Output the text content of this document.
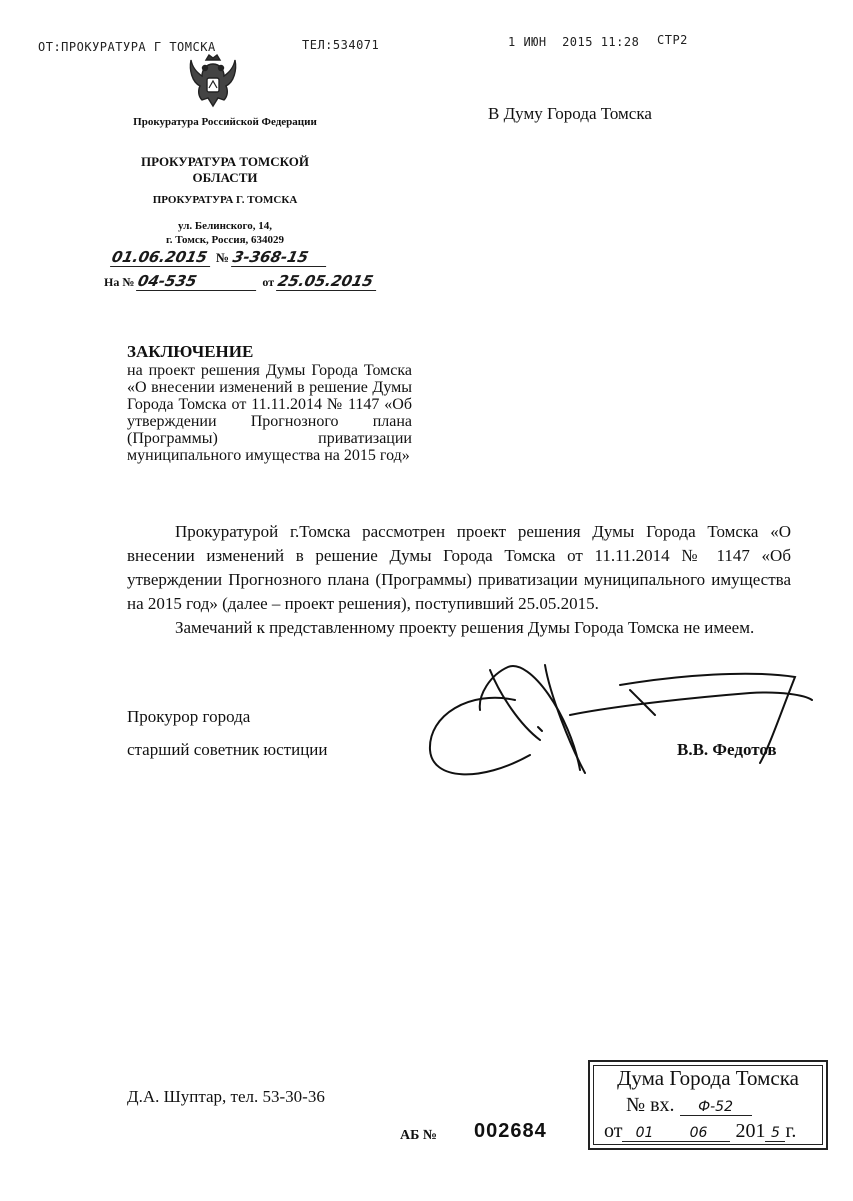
ОТ:ПРОКУРАТУРА Г ТОМСКА	ТЕЛ:534071	1 ИЮН  2015 11:28 СТР2
Прокуратура Российской Федерации
ПРОКУРАТУРА ТОМСКОЙ ОБЛАСТИ
ПРОКУРАТУРА Г. ТОМСКА
ул. Белинского, 14,
г. Томск, Россия, 634029
01.06.2015 № 3-368-15
На № 04-535	от 25.05.2015
В Думу Города Томска
ЗАКЛЮЧЕНИЕ
на проект решения Думы Города Томска «О внесении изменений в решение Думы Города Томска от 11.11.2014 № 1147 «Об утверждении Прогнозного плана (Программы) приватизации муниципального имущества на 2015 год»

Прокуратурой г.Томска рассмотрен проект решения Думы Города Томска «О внесении изменений в решение Думы Города Томска от 11.11.2014 № 1147 «Об утверждении Прогнозного плана (Программы) приватизации муниципального имущества на 2015 год» (далее – проект решения), поступивший 25.05.2015.

Замечаний к представленному проекту решения Думы Города Томска не имеем.

Прокурор города
старший советник юстиции	В.В. Федотов
Д.А. Шуптар, тел. 53-30-36
АБ № 002684
Дума Города Томска
№ вх. Ф-52
от 01	06 201 5 г.
